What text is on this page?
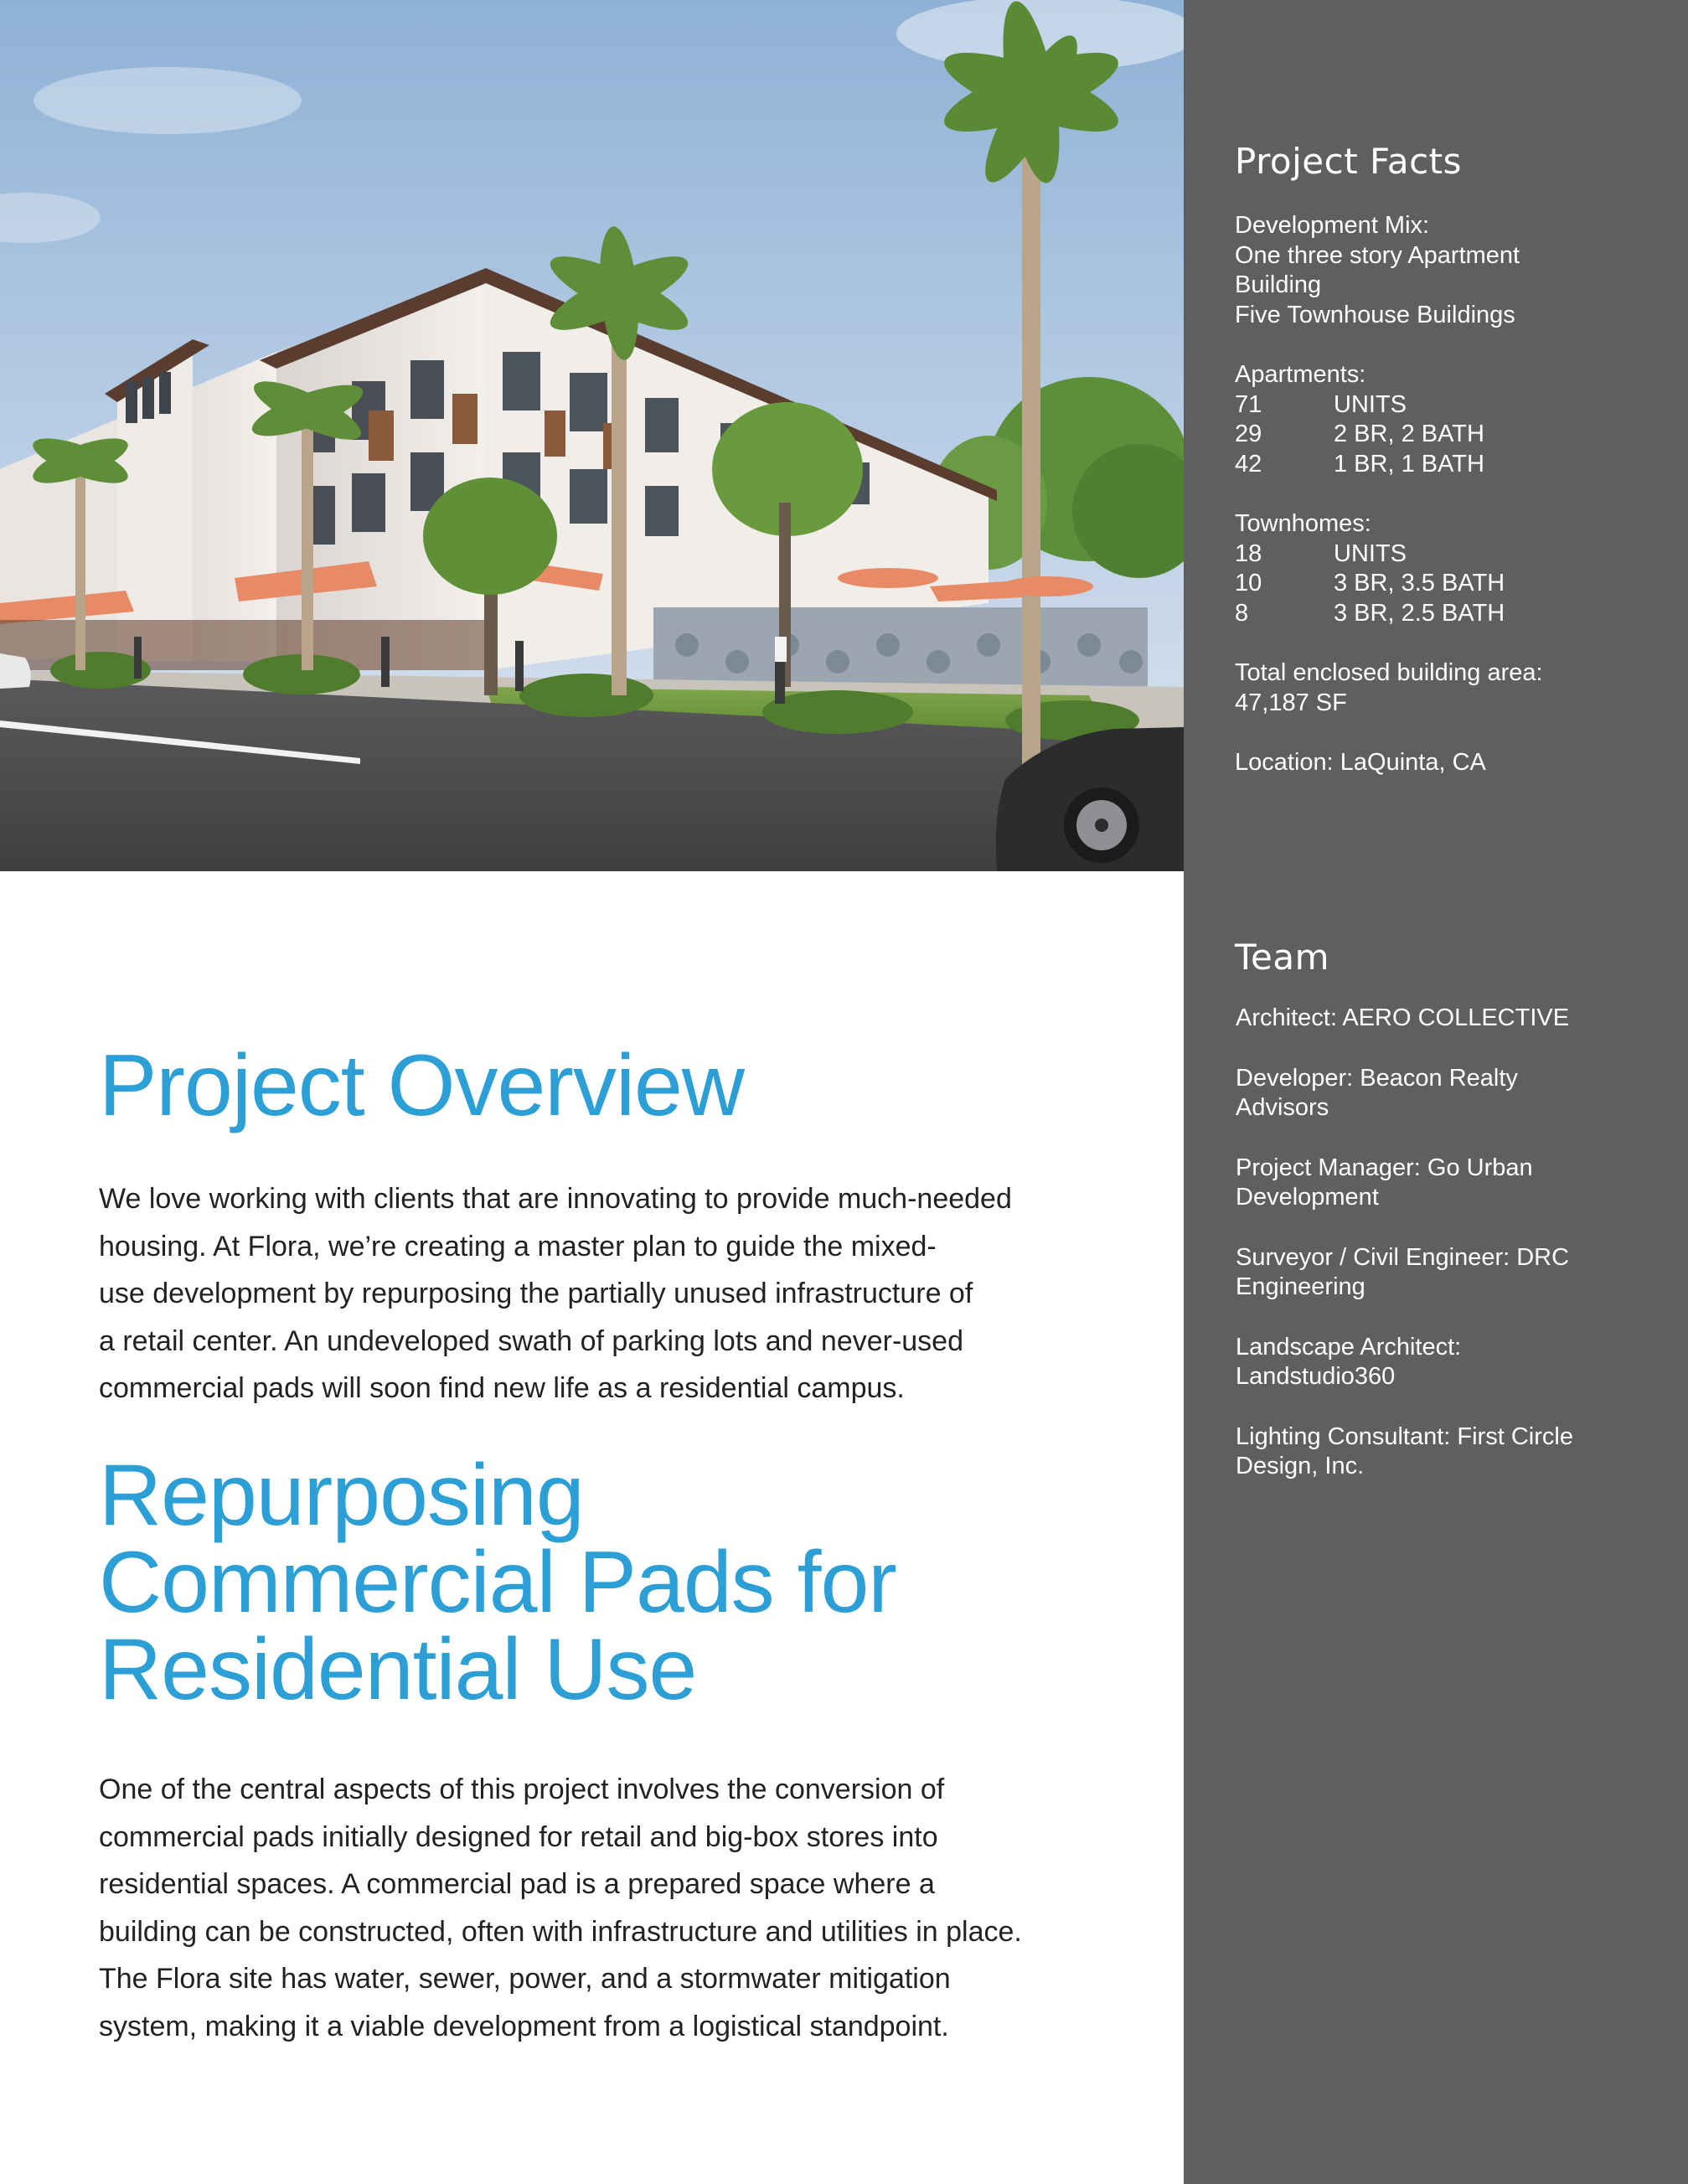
Project Facts
Development Mix:
One three story Apartment
Building
Five Townhouse Buildings
Apartments:
71	UNITS
29	2 BR, 2 BATH
42	1 BR, 1 BATH
Townhomes:
18	UNITS
10	3 BR, 3.5 BATH
8	3 BR, 2.5 BATH
Total enclosed building area:
47,187 SF
Location: LaQuinta, CA
Team
Architect: AERO COLLECTIVE
Developer: Beacon Realty
Advisors
Project Manager: Go Urban
Development
Surveyor / Civil Engineer: DRC
Engineering
Landscape Architect:
Landstudio360
Lighting Consultant: First Circle
Design, Inc.
Project Overview

We love working with clients that are innovating to provide much-needed
housing. At Flora, we’re creating a master plan to guide the mixed-
use development by repurposing the partially unused infrastructure of
a retail center. An undeveloped swath of parking lots and never-used
commercial pads will soon find new life as a residential campus.

Repurposing
Commercial Pads for
Residential Use

One of the central aspects of this project involves the conversion of
commercial pads initially designed for retail and big-box stores into
residential spaces. A commercial pad is a prepared space where a
building can be constructed, often with infrastructure and utilities in place.
The Flora site has water, sewer, power, and a stormwater mitigation
system, making it a viable development from a logistical standpoint.
